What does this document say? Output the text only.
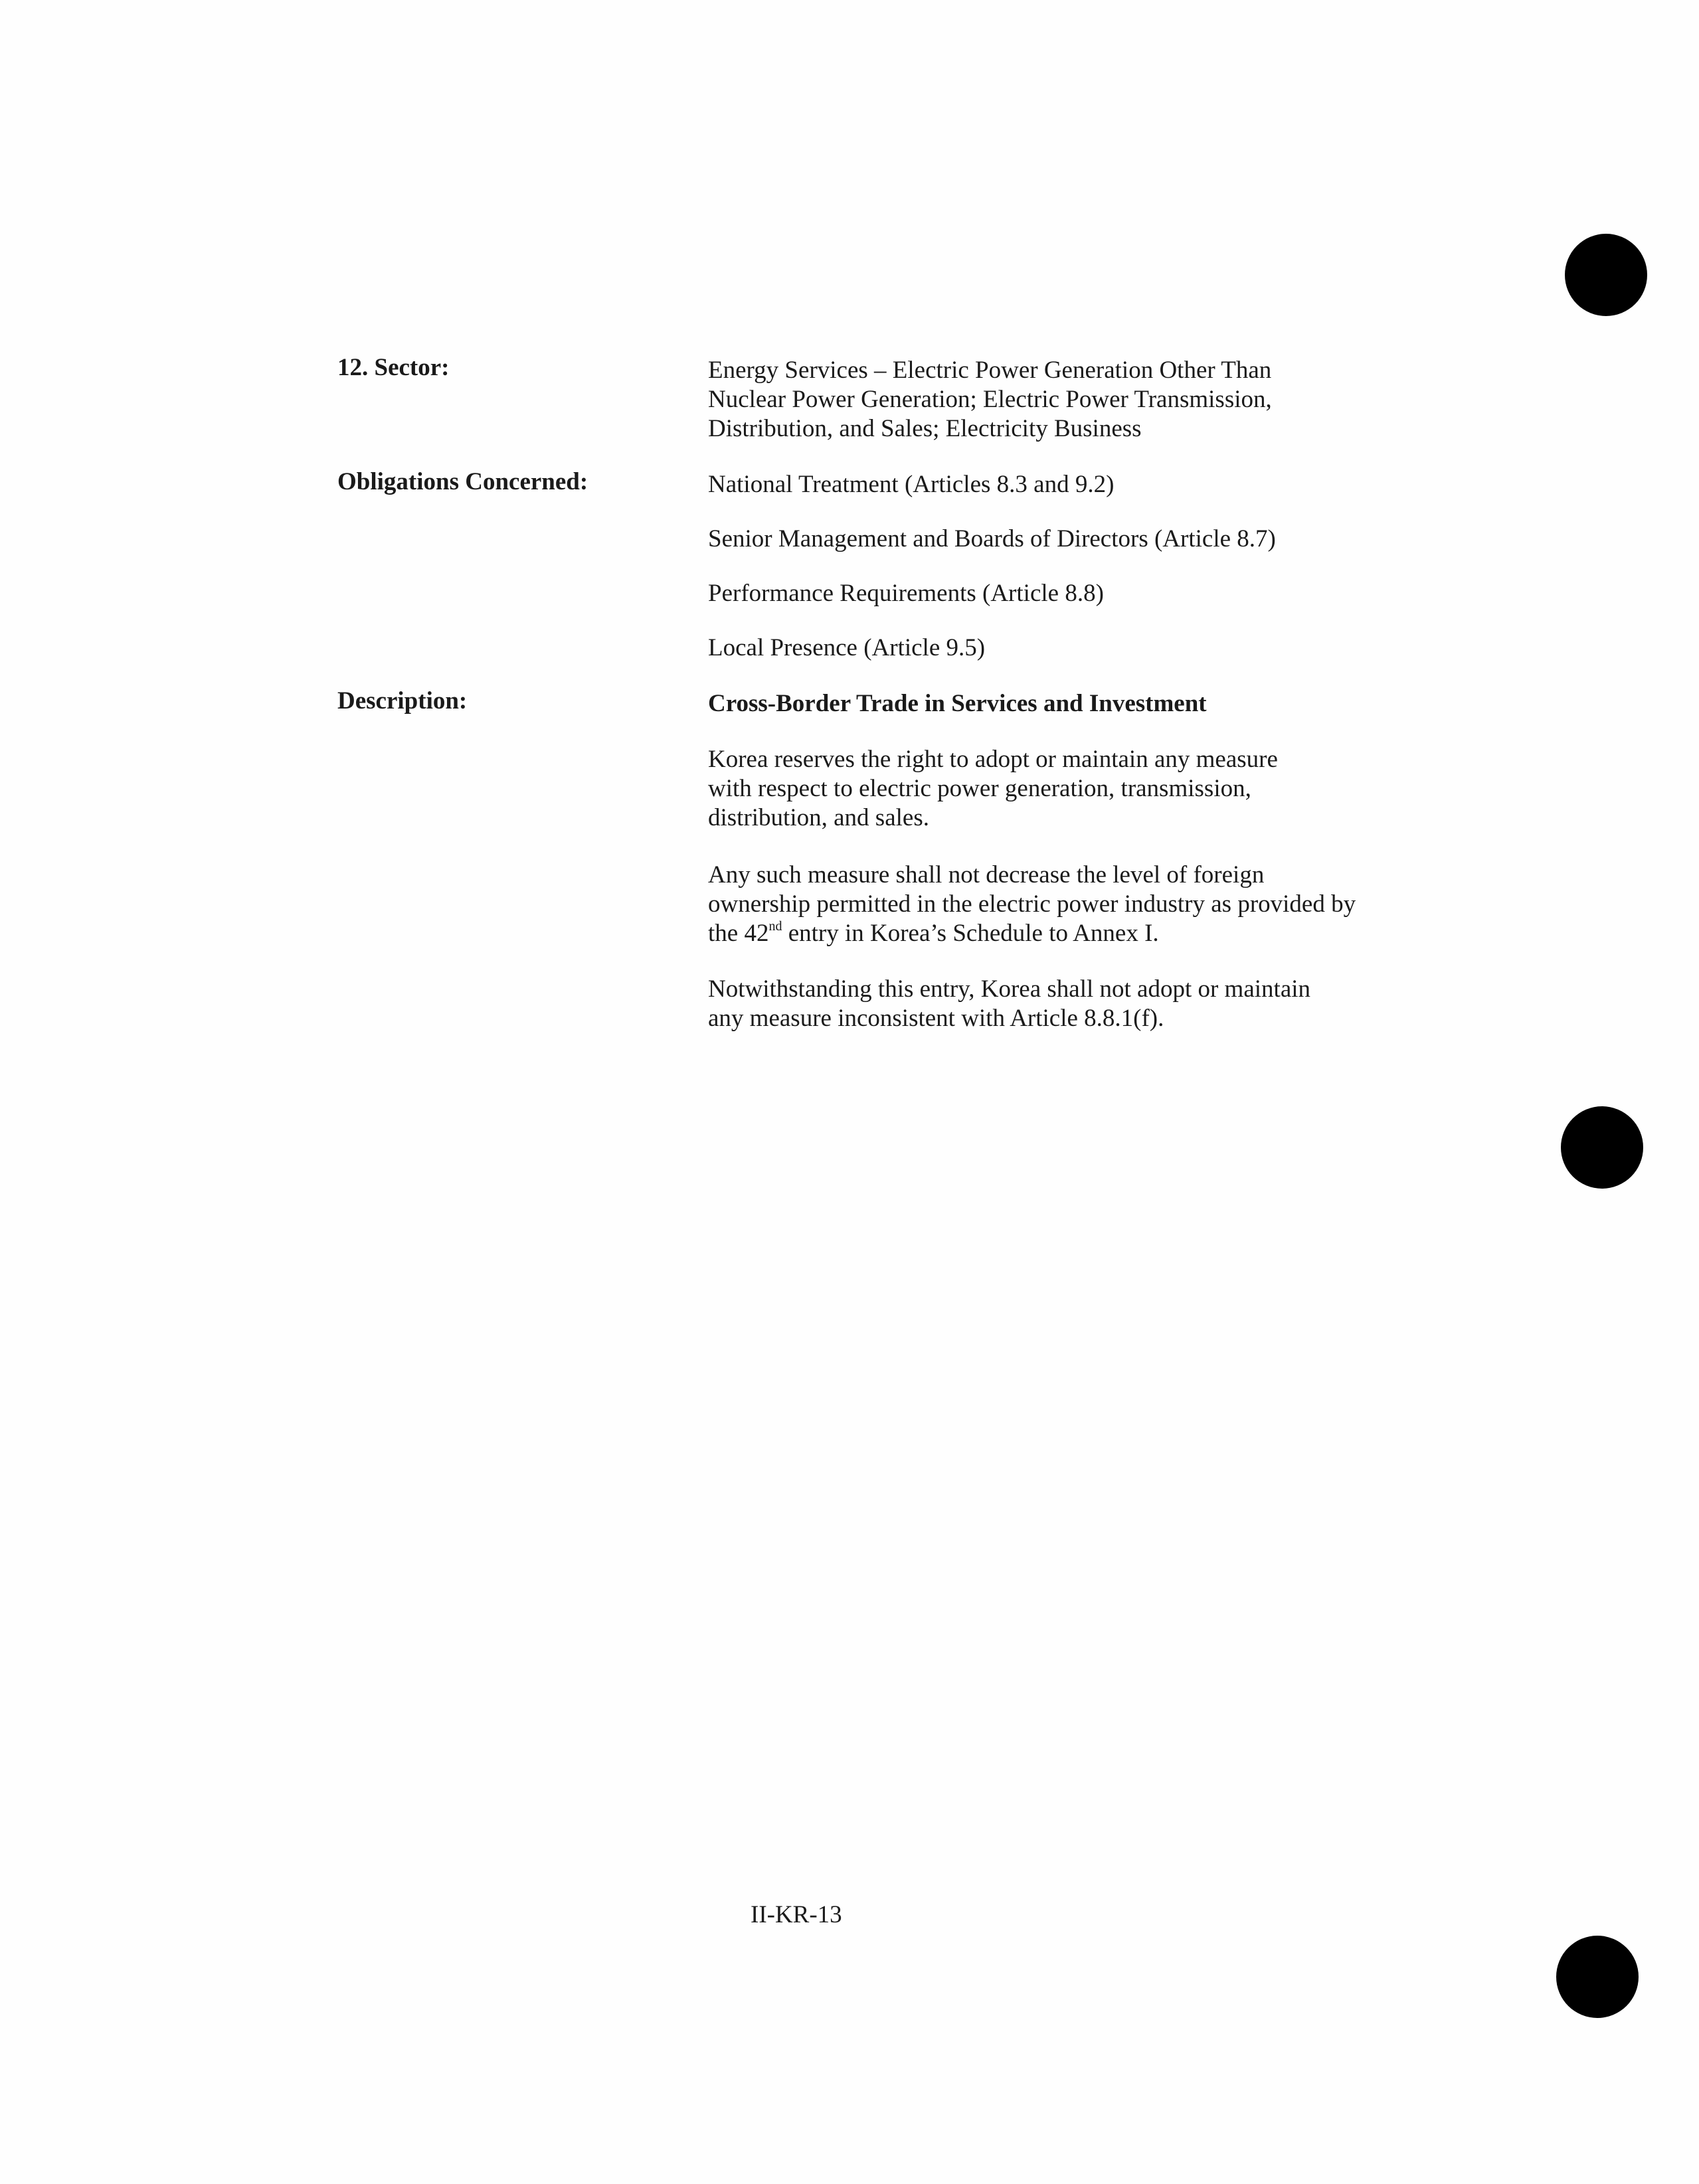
12. Sector:	Energy Services – Electric Power Generation Other Than Nuclear Power Generation; Electric Power Transmission, Distribution, and Sales; Electricity Business
Obligations Concerned:	National Treatment (Articles 8.3 and 9.2)
Senior Management and Boards of Directors (Article 8.7)
Performance Requirements (Article 8.8)
Local Presence (Article 9.5)
Description:	Cross-Border Trade in Services and Investment
Korea reserves the right to adopt or maintain any measure with respect to electric power generation, transmission, distribution, and sales.
Any such measure shall not decrease the level of foreign ownership permitted in the electric power industry as provided by the 42nd entry in Korea’s Schedule to Annex I.
Notwithstanding this entry, Korea shall not adopt or maintain any measure inconsistent with Article 8.8.1(f).
II-KR-13
